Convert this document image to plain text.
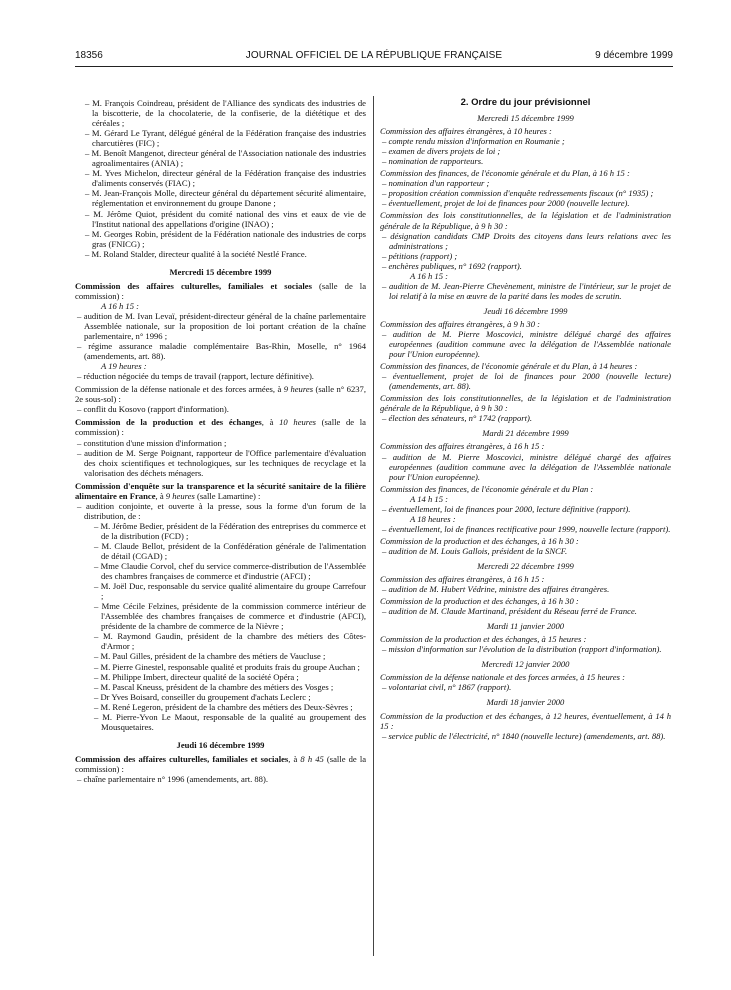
18356	JOURNAL OFFICIEL DE LA RÉPUBLIQUE FRANÇAISE	9 décembre 1999

– M. François Coindreau, président de l'Alliance des syndicats des industries de la biscotterie, de la chocolaterie, de la confiserie, de la diététique et des céréales ;

– M. Gérard Le Tyrant, délégué général de la Fédération française des industries charcutières (FIC) ;

– M. Benoît Mangenot, directeur général de l'Association nationale des industries agroalimentaires (ANIA) ;

– M. Yves Michelon, directeur général de la Fédération française des industries d'aliments conservés (FIAC) ;

– M. Jean-François Molle, directeur général du département sécurité alimentaire, réglementation et environnement du groupe Danone ;

– M. Jérôme Quiot, président du comité national des vins et eaux de vie de l'Institut national des appellations d'origine (INAO) ;

– M. Georges Robin, président de la Fédération nationale des industries de corps gras (FNICG) ;

– M. Roland Stalder, directeur qualité à la société Nestlé France.

Mercredi 15 décembre 1999

Commission des affaires culturelles, familiales et sociales (salle de la commission) :

A 16 h 15 :

– audition de M. Ivan Levaï, président-directeur général de la chaîne parlementaire Assemblée nationale, sur la proposition de loi portant création de la chaîne parlementaire, n° 1996 ;

– régime assurance maladie complémentaire Bas-Rhin, Moselle, n° 1964 (amendements, art. 88).

A 19 heures :

– réduction négociée du temps de travail (rapport, lecture définitive).

Commission de la défense nationale et des forces armées, à 9 heures (salle n° 6237, 2e sous-sol) :

– conflit du Kosovo (rapport d'information).

Commission de la production et des échanges, à 10 heures (salle de la commission) :

– constitution d'une mission d'information ;

– audition de M. Serge Poignant, rapporteur de l'Office parlementaire d'évaluation des choix scientifiques et technologiques, sur les techniques de recyclage et la valorisation des déchets ménagers.

Commission d'enquête sur la transparence et la sécurité sanitaire de la filière alimentaire en France, à 9 heures (salle Lamartine) :

– audition conjointe, et ouverte à la presse, sous la forme d'un forum de la distribution, de :

– M. Jérôme Bedier, président de la Fédération des entreprises du commerce et de la distribution (FCD) ;

– M. Claude Bellot, président de la Confédération générale de l'alimentation de détail (CGAD) ;

– Mme Claudie Corvol, chef du service commerce-distribution de l'Assemblée des chambres françaises de commerce et d'industrie (AFCI) ;

– M. Joël Duc, responsable du service qualité alimentaire du groupe Carrefour ;

– Mme Cécile Felzines, présidente de la commission commerce intérieur de l'Assemblée des chambres françaises de commerce et d'industrie (AFCI), présidente de la chambre de commerce de la Nièvre ;

– M. Raymond Gaudin, président de la chambre des métiers des Côtes-d'Armor ;

– M. Paul Gilles, président de la chambre des métiers de Vaucluse ;

– M. Pierre Ginestel, responsable qualité et produits frais du groupe Auchan ;

– M. Philippe Imbert, directeur qualité de la société Opéra ;

– M. Pascal Kneuss, président de la chambre des métiers des Vosges ;

– Dr Yves Boisard, conseiller du groupement d'achats Leclerc ;

– M. René Legeron, président de la chambre des métiers des Deux-Sèvres ;

– M. Pierre-Yvon Le Maout, responsable de la qualité au groupement des Mousquetaires.

Jeudi 16 décembre 1999

Commission des affaires culturelles, familiales et sociales, à 8 h 45 (salle de la commission) :

– chaîne parlementaire n° 1996 (amendements, art. 88).

2. Ordre du jour prévisionnel

Mercredi 15 décembre 1999

Commission des affaires étrangères, à 10 heures :

– compte rendu mission d'information en Roumanie ;

– examen de divers projets de loi ;

– nomination de rapporteurs.

Commission des finances, de l'économie générale et du Plan, à 16 h 15 :

– nomination d'un rapporteur ;

– proposition création commission d'enquête redressements fiscaux (n° 1935) ;

– éventuellement, projet de loi de finances pour 2000 (nouvelle lecture).

Commission des lois constitutionnelles, de la législation et de l'administration générale de la République, à 9 h 30 :

– désignation candidats CMP Droits des citoyens dans leurs relations avec les administrations ;

– pétitions (rapport) ;

– enchères publiques, n° 1692 (rapport).

A 16 h 15 :

– audition de M. Jean-Pierre Chevènement, ministre de l'intérieur, sur le projet de loi relatif à la mise en œuvre de la parité dans les modes de scrutin.

Jeudi 16 décembre 1999

Commission des affaires étrangères, à 9 h 30 :

– audition de M. Pierre Moscovici, ministre délégué chargé des affaires européennes (audition commune avec la délégation de l'Assemblée nationale pour l'Union européenne).

Commission des finances, de l'économie générale et du Plan, à 14 heures :

– éventuellement, projet de loi de finances pour 2000 (nouvelle lecture) (amendements, art. 88).

Commission des lois constitutionnelles, de la législation et de l'administration générale de la République, à 9 h 30 :

– élection des sénateurs, n° 1742 (rapport).

Mardi 21 décembre 1999

Commission des affaires étrangères, à 16 h 15 :

– audition de M. Pierre Moscovici, ministre délégué chargé des affaires européennes (audition commune avec la délégation de l'Assemblée nationale pour l'Union européenne).

Commission des finances, de l'économie générale et du Plan :

A 14 h 15 :

– éventuellement, loi de finances pour 2000, lecture définitive (rapport).

A 18 heures :

– éventuellement, loi de finances rectificative pour 1999, nouvelle lecture (rapport).

Commission de la production et des échanges, à 16 h 30 :

– audition de M. Louis Gallois, président de la SNCF.

Mercredi 22 décembre 1999

Commission des affaires étrangères, à 16 h 15 :

– audition de M. Hubert Védrine, ministre des affaires étrangères.

Commission de la production et des échanges, à 16 h 30 :

– audition de M. Claude Martinand, président du Réseau ferré de France.

Mardi 11 janvier 2000

Commission de la production et des échanges, à 15 heures :

– mission d'information sur l'évolution de la distribution (rapport d'information).

Mercredi 12 janvier 2000

Commission de la défense nationale et des forces armées, à 15 heures :

– volontariat civil, n° 1867 (rapport).

Mardi 18 janvier 2000

Commission de la production et des échanges, à 12 heures, éventuellement, à 14 h 15 :

– service public de l'électricité, n° 1840 (nouvelle lecture) (amendements, art. 88).
